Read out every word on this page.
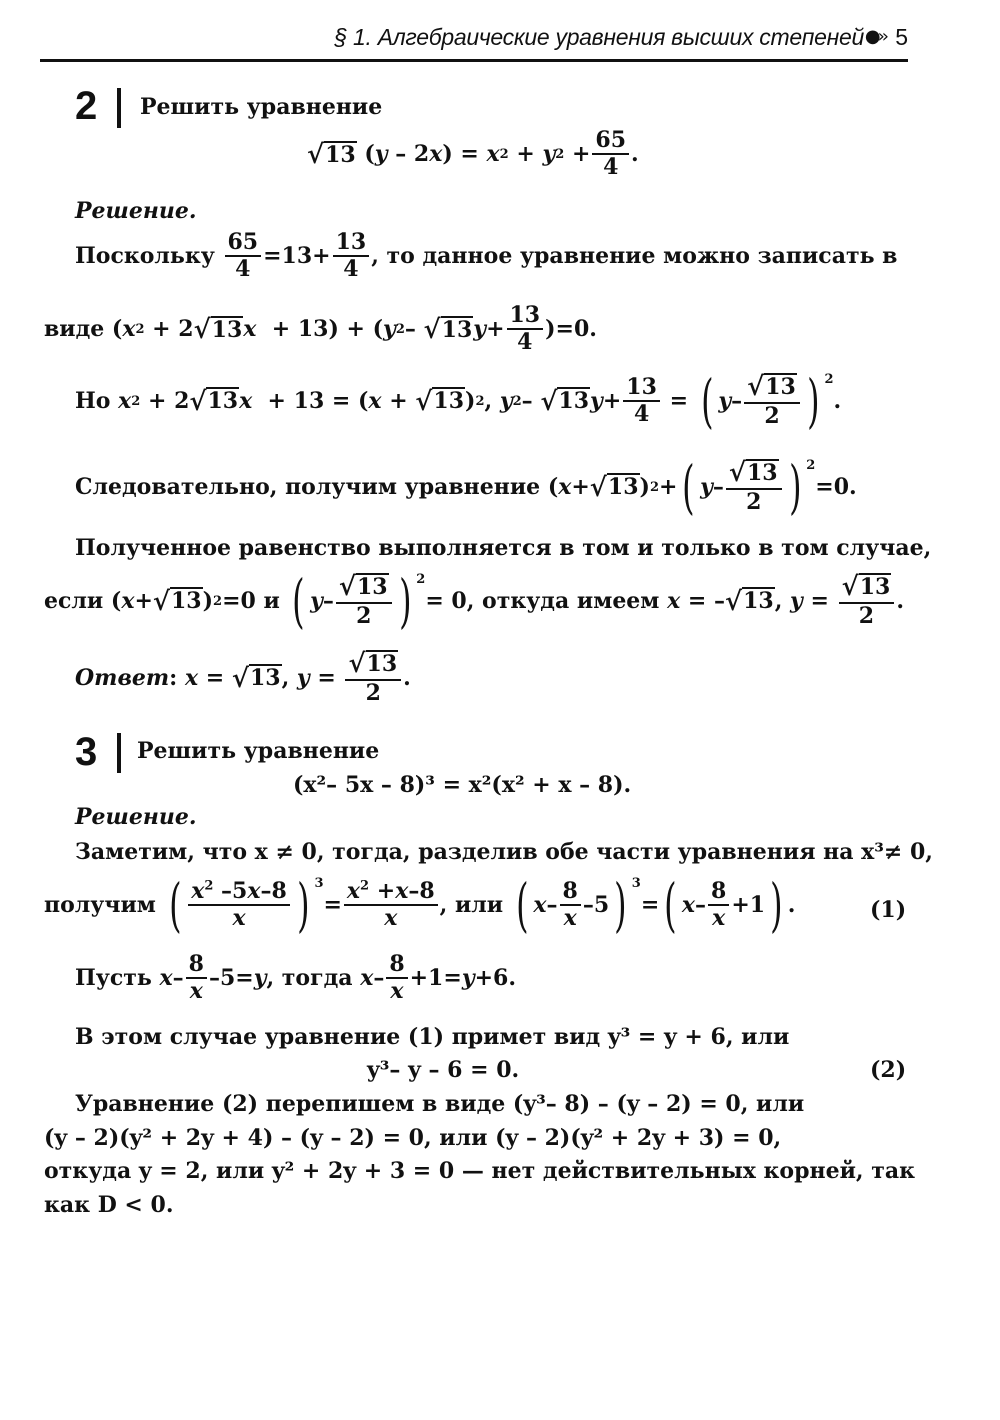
§ 1. Алгебраические уравнения высших степеней ●›› 5
2 Решить уравнение
√ 13 ( y – 2 x ) = x 2 + y $2 + \frac{65}{4}$ .
Решение.
Поскольку
$\frac{65}{4} =13+ \frac{13}{4}$ , то данное уравнение можно записать в
виде ( x 2 + 2 √ 13 x + 13) + ( y 2 – √ 13 $y + \frac{13}{4} )=0$.
Но
x 2 + 2 √ 13 x + 13 = ( x + √ 13 ) 2 , y 2 – √ 13 $y + \frac{13}{4}$ = ( y – $\frac{√ 13}{2}$ ) $^2$
.
Следовательно, получим уравнение ( x + √ 13 ) 2 + ( y – $\frac{√ 13}{2}$ ) $^2$
=0.
Полученное равенство выполняется в том и только в том случае,
если ( x + √ 13 ) 2 =0 и
( y – $\frac{√ 13}{2}$ ) $^2$
= 0, откуда имеем
x = – √ 13 , $y = \frac{√ 13}{2}$ .
Ответ : x = √ 13 , $y = \frac{√ 13}{2}$ .
3 Решить уравнение
(x²– 5x – 8)³ = x²(x² + x – 8).
Решение.
Заметим, что x ≠ 0, тогда, разделив обе части уравнения на x³≠ 0,
получим
( $\frac{x^2 -5x-8}{x}$ ) $^3$
= $\frac{x^2 +x-8}{x}$ , или
( x – $\frac{8}{x} -5$ ) $^3$
= ( $x - \frac{8}{x} +1$ ) .	(1)
Пусть
$x - \frac{8}{x} -5= y$ , тогда
$x - \frac{8}{x} +1= y +6$.
В этом случае уравнение (1) примет вид y³ = y + 6, или
y³– y – 6 = 0.	(2)
Уравнение (2) перепишем в виде (y³– 8) – (y – 2) = 0, или
(y – 2)(y² + 2y + 4) – (y – 2) = 0, или (y – 2)(y² + 2y + 3) = 0,
откуда y = 2, или y² + 2y + 3 = 0 — нет действительных корней, так
как D < 0.
